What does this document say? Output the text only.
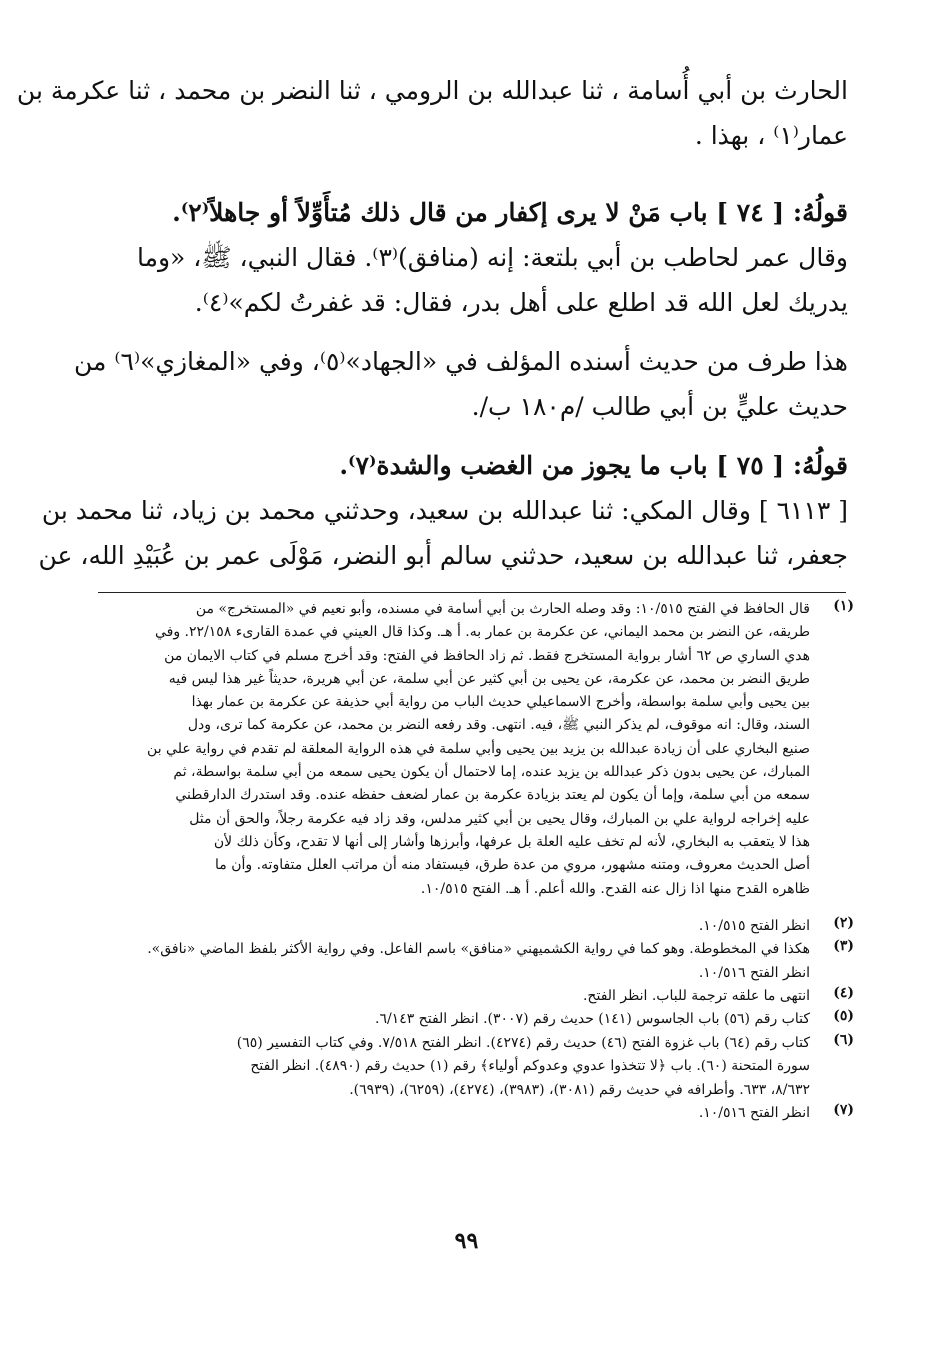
الحارث بن أبي أُسامة ، ثنا عبدالله بن الرومي ، ثنا النضر بن محمد ، ثنا عكرمة بن
عمار⁽١⁾ ، بهذا .
قولُهُ: [ ٧٤ ] باب مَنْ لا يرى إكفار من قال ذلك مُتأَوِّلاً أو جاهلاً⁽٢⁾.
وقال عمر لحاطب بن أبي بلتعة: إنه (منافق)⁽٣⁾. فقال النبي، ﷺ، «وما
يدريك لعل الله قد اطلع على أهل بدر، فقال: قد غفرتُ لكم»⁽٤⁾.
هذا طرف من حديث أسنده المؤلف في «الجهاد»⁽٥⁾، وفي «المغازي»⁽٦⁾ من
حديث عليٍّ بن أبي طالب /م١٨٠ ب/.
قولُهُ: [ ٧٥ ] باب ما يجوز من الغضب والشدة⁽٧⁾.
[ ٦١١٣ ] وقال المكي: ثنا عبدالله بن سعيد، وحدثني محمد بن زياد، ثنا محمد بن
جعفر، ثنا عبدالله بن سعيد، حدثني سالم أبو النضر، مَوْلَى عمر بن عُبَيْدِ الله، عن
(١)
قال الحافظ في الفتح ١٠/٥١٥: وقد وصله الحارث بن أبي أسامة في مسنده، وأبو نعيم في «المستخرج» من
طريقه، عن النضر بن محمد اليماني، عن عكرمة بن عمار به. أ هـ. وكذا قال العيني في عمدة القارىء ٢٢/١٥٨. وفي
هدي الساري ص ٦٢ أشار برواية المستخرج فقط. ثم زاد الحافظ في الفتح: وقد أخرج مسلم في كتاب الايمان من
طريق النضر بن محمد، عن عكرمة، عن يحيى بن أبي كثير عن أبي سلمة، عن أبي هريرة، حديثاً غير هذا ليس فيه
بين يحيى وأبي سلمة بواسطة، وأخرج الاسماعيلي حديث الباب من رواية أبي حذيفة عن عكرمة بن عمار بهذا
السند، وقال: انه موقوف، لم يذكر النبي ﷺ، فيه. انتهى. وقد رفعه النضر بن محمد، عن عكرمة كما ترى، ودل
صنيع البخاري على أن زيادة عبدالله بن يزيد بين يحيى وأبي سلمة في هذه الرواية المعلقة لم تقدم في رواية علي بن
المبارك، عن يحيى بدون ذكر عبدالله بن يزيد عنده، إما لاحتمال أن يكون يحيى سمعه من أبي سلمة بواسطة، ثم
سمعه من أبي سلمة، وإما أن يكون لم يعتد بزيادة عكرمة بن عمار لضعف حفظه عنده. وقد استدرك الدارقطني
عليه إخراجه لرواية علي بن المبارك، وقال يحيى بن أبي كثير مدلس، وقد زاد فيه عكرمة رجلاً، والحق أن مثل
هذا لا يتعقب به البخاري، لأنه لم تخف عليه العلة بل عرفها، وأبرزها وأشار إلى أنها لا تقدح، وكأن ذلك لأن
أصل الحديث معروف، ومتنه مشهور، مروي من عدة طرق، فيستفاد منه أن مراتب العلل متفاوته. وأن ما
ظاهره القدح منها اذا زال عنه القدح. والله أعلم. أ هـ. الفتح ١٠/٥١٥.
(٢)
انظر الفتح ١٠/٥١٥.
(٣)
هكذا في المخطوطة. وهو كما في رواية الكشميهني «منافق» باسم الفاعل. وفي رواية الأكثر بلفظ الماضي «نافق».
انظر الفتح ١٠/٥١٦.
(٤)
انتهى ما علقه ترجمة للباب. انظر الفتح.
(٥)
كتاب رقم (٥٦) باب الجاسوس (١٤١) حديث رقم (٣٠٠٧). انظر الفتح ٦/١٤٣.
(٦)
كتاب رقم (٦٤) باب غزوة الفتح (٤٦) حديث رقم (٤٢٧٤). انظر الفتح ٧/٥١٨. وفي كتاب التفسير (٦٥)
سورة المتحنة (٦٠). باب ﴿لا تتخذوا عدوي وعدوكم أولياء﴾ رقم (١) حديث رقم (٤٨٩٠). انظر الفتح
٨/٦٣٢، ٦٣٣. وأطرافه في حديث رقم (٣٠٨١)، (٣٩٨٣)، (٤٢٧٤)، (٦٢٥٩)، (٦٩٣٩).
(٧)
انظر الفتح ١٠/٥١٦.
٩٩
